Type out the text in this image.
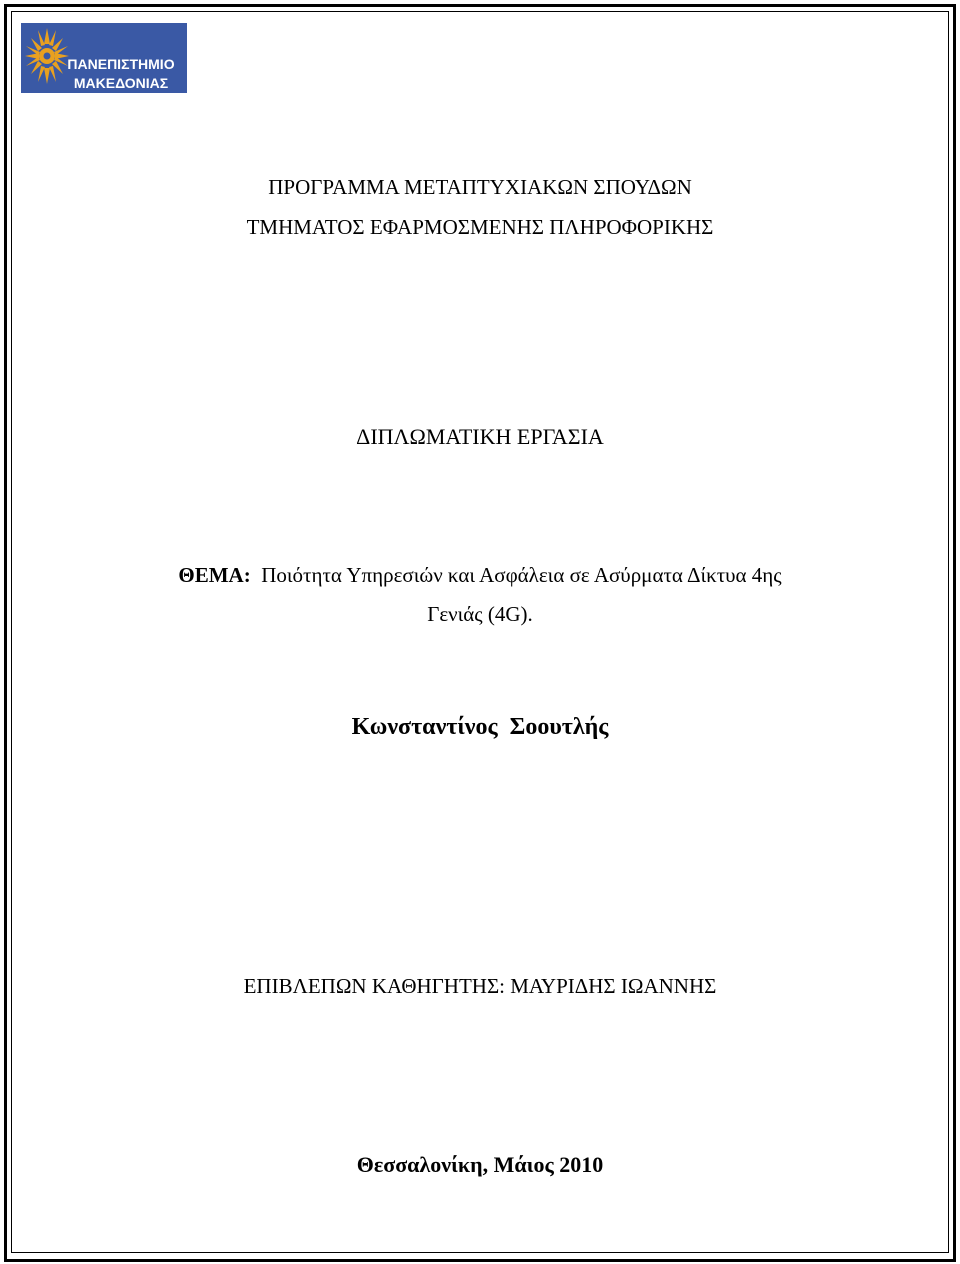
ΠΑΝΕΠΙΣΤΗΜΙΟ
ΜΑΚΕΔΟΝΙΑΣ
ΠΡΟΓΡΑΜΜΑ ΜΕΤΑΠΤΥΧΙΑΚΩΝ ΣΠΟΥΔΩΝ
ΤΜΗΜΑΤΟΣ ΕΦΑΡΜΟΣΜΕΝΗΣ ΠΛΗΡΟΦΟΡΙΚΗΣ
ΔΙΠΛΩΜΑΤΙΚΗ ΕΡΓΑΣΙΑ
ΘΕΜΑ: Ποιότητα Υπηρεσιών και Ασφάλεια σε Ασύρματα Δίκτυα 4ης
Γενιάς (4G).
Κωνσταντίνος Σοουτλής
ΕΠΙΒΛΕΠΩΝ ΚΑΘΗΓΗΤΗΣ: ΜΑΥΡΙΔΗΣ ΙΩΑΝΝΗΣ
Θεσσαλονίκη, Μάιος 2010
